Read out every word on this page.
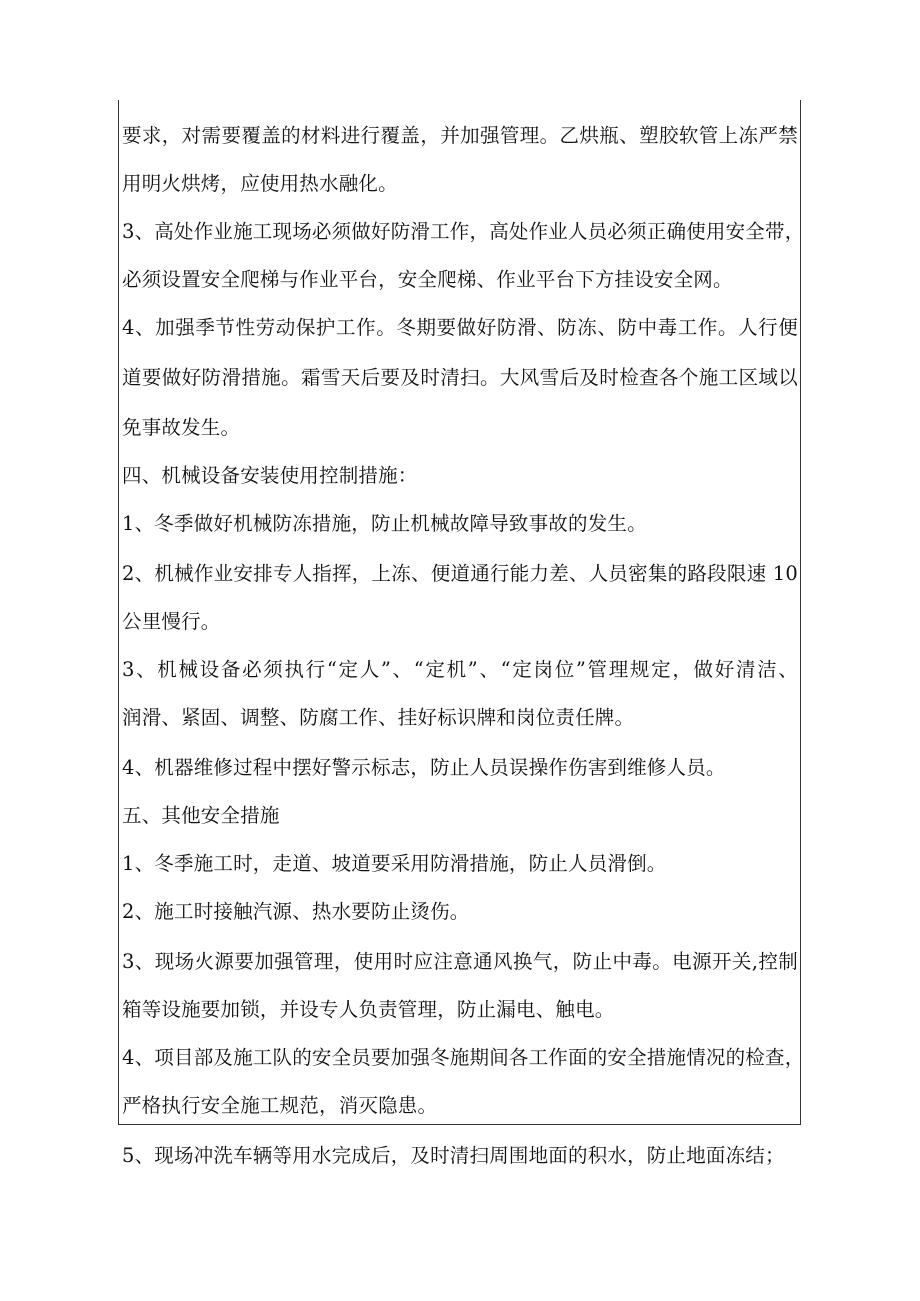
要求，对需要覆盖的材料进行覆盖，并加强管理。乙烘瓶、塑胶软管上冻严禁
用明火烘烤，应使用热水融化。
3、高处作业施工现场必须做好防滑工作，高处作业人员必须正确使用安全带，
必须设置安全爬梯与作业平台，安全爬梯、作业平台下方挂设安全网。
4、加强季节性劳动保护工作。冬期要做好防滑、防冻、防中毒工作。人行便
道要做好防滑措施。霜雪天后要及时清扫。大风雪后及时检查各个施工区域以
免事故发生。
四、机械设备安装使用控制措施：
1、冬季做好机械防冻措施，防止机械故障导致事故的发生。
2、机械作业安排专人指挥，上冻、便道通行能力差、人员密集的路段限速 10
公里慢行。
3、机械设备必须执行“定人”、“定机”、“定岗位”管理规定，做好清洁、
润滑、紧固、调整、防腐工作、挂好标识牌和岗位责任牌。
4、机器维修过程中摆好警示标志，防止人员误操作伤害到维修人员。
五、其他安全措施
1、冬季施工时，走道、坡道要采用防滑措施，防止人员滑倒。
2、施工时接触汽源、热水要防止烫伤。
3、现场火源要加强管理，使用时应注意通风换气，防止中毒。电源开关,控制
箱等设施要加锁，并设专人负责管理，防止漏电、触电。
4、项目部及施工队的安全员要加强冬施期间各工作面的安全措施情况的检查，
严格执行安全施工规范，消灭隐患。
5、现场冲洗车辆等用水完成后，及时清扫周围地面的积水，防止地面冻结；
